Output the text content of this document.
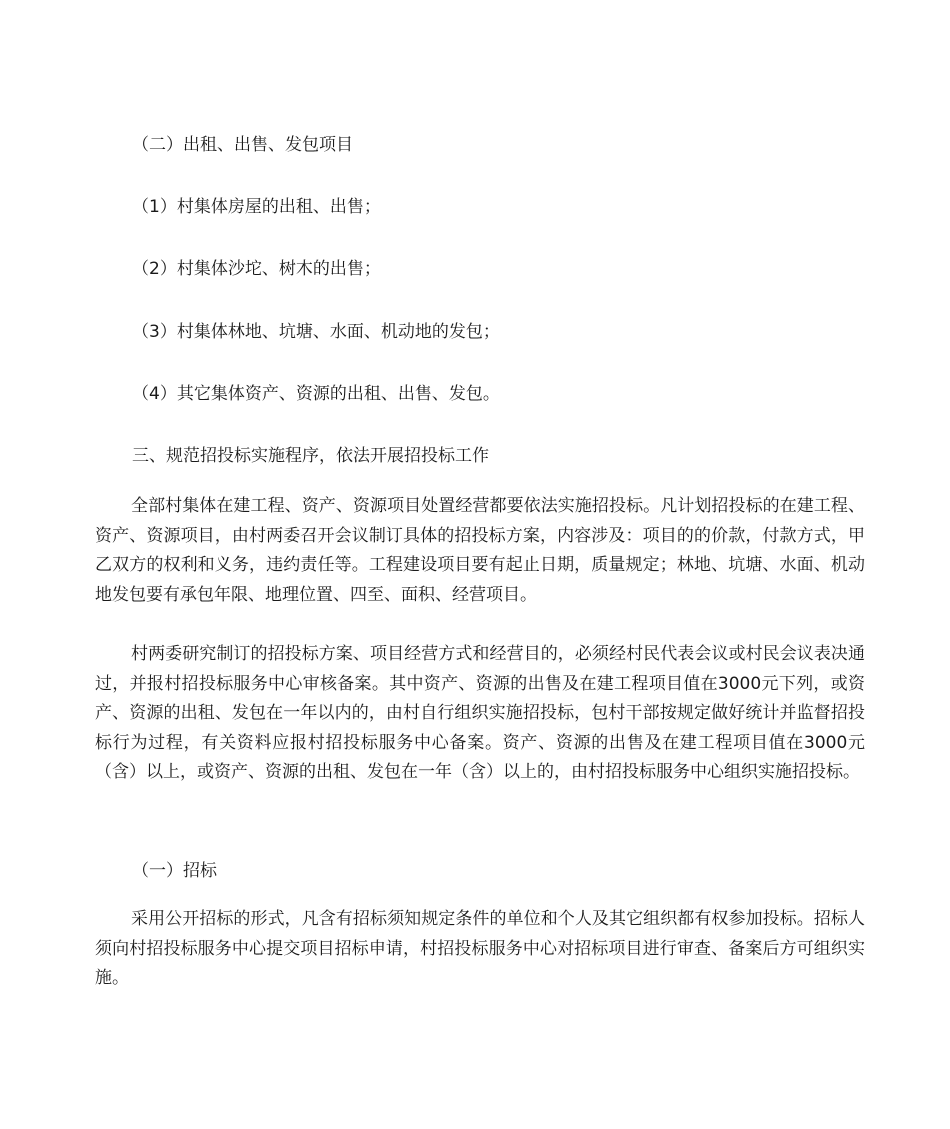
（二）出租、出售、发包项目
（1）村集体房屋的出租、出售；
（2）村集体沙坨、树木的出售；
（3）村集体林地、坑塘、水面、机动地的发包；
（4）其它集体资产、资源的出租、出售、发包。
三、规范招投标实施程序，依法开展招投标工作

全部村集体在建工程、资产、资源项目处置经营都要依法实施招投标。凡计划招投标的在建工程、资产、资源项目，由村两委召开会议制订具体的招投标方案，内容涉及：项目的的价款，付款方式，甲乙双方的权利和义务，违约责任等。工程建设项目要有起止日期，质量规定；林地、坑塘、水面、机动地发包要有承包年限、地理位置、四至、面积、经营项目。

村两委研究制订的招投标方案、项目经营方式和经营目的，必须经村民代表会议或村民会议表决通过，并报村招投标服务中心审核备案。其中资产、资源的出售及在建工程项目值在3000元下列，或资产、资源的出租、发包在一年以内的，由村自行组织实施招投标，包村干部按规定做好统计并监督招投标行为过程，有关资料应报村招投标服务中心备案。资产、资源的出售及在建工程项目值在3000元（含）以上，或资产、资源的出租、发包在一年（含）以上的，由村招投标服务中心组织实施招投标。

（一）招标

采用公开招标的形式，凡含有招标须知规定条件的单位和个人及其它组织都有权参加投标。招标人须向村招投标服务中心提交项目招标申请，村招投标服务中心对招标项目进行审查、备案后方可组织实施。
